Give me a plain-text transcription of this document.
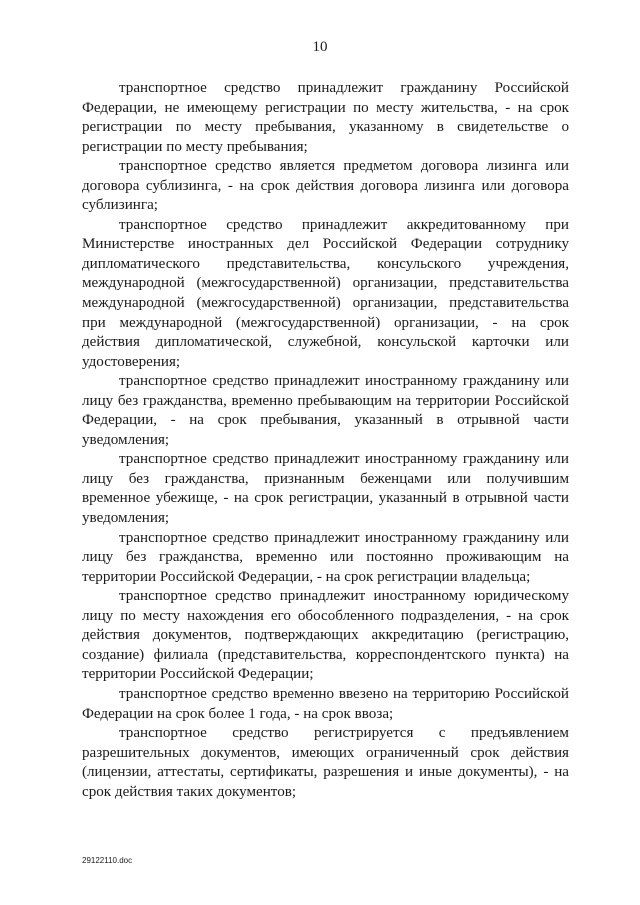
10

транспортное средство принадлежит гражданину Российской Федерации, не имеющему регистрации по месту жительства, - на срок регистрации по месту пребывания, указанному в свидетельстве о регистрации по месту пребывания;

транспортное средство является предметом договора лизинга или договора сублизинга, - на срок действия договора лизинга или договора сублизинга;

транспортное средство принадлежит аккредитованному при Министерстве иностранных дел Российской Федерации сотруднику дипломатического представительства, консульского учреждения, международной (межгосударственной) организации, представительства международной (межгосударственной) организации, представительства при международной (межгосударственной) организации, - на срок действия дипломатической, служебной, консульской карточки или удостоверения;

транспортное средство принадлежит иностранному гражданину или лицу без гражданства, временно пребывающим на территории Российской Федерации, - на срок пребывания, указанный в отрывной части уведомления;

транспортное средство принадлежит иностранному гражданину или лицу без гражданства, признанным беженцами или получившим временное убежище, - на срок регистрации, указанный в отрывной части уведомления;

транспортное средство принадлежит иностранному гражданину или лицу без гражданства, временно или постоянно проживающим на территории Российской Федерации, - на срок регистрации владельца;

транспортное средство принадлежит иностранному юридическому лицу по месту нахождения его обособленного подразделения, - на срок действия документов, подтверждающих аккредитацию (регистрацию, создание) филиала (представительства, корреспондентского пункта) на территории Российской Федерации;

транспортное средство временно ввезено на территорию Российской Федерации на срок более 1 года, - на срок ввоза;

транспортное средство регистрируется с предъявлением разрешительных документов, имеющих ограниченный срок действия (лицензии, аттестаты, сертификаты, разрешения и иные документы), - на срок действия таких документов;

29122110.doc
